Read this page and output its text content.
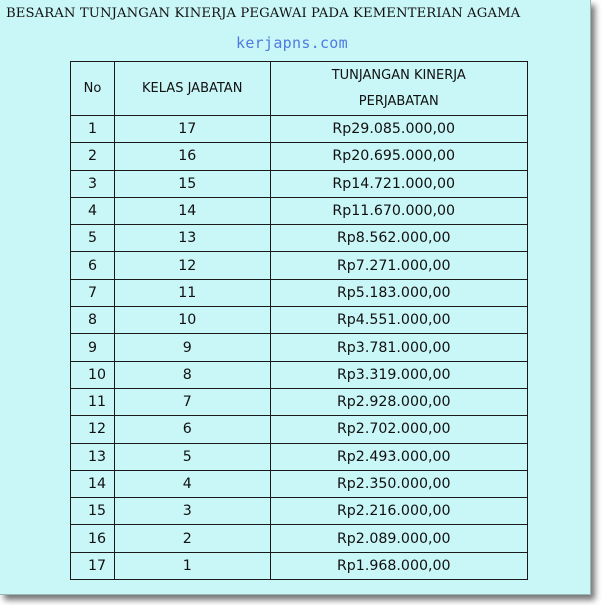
BESARAN TUNJANGAN KINERJA PEGAWAI PADA KEMENTERIAN AGAMA
kerjapns.com
No	KELAS JABATAN	TUNJANGAN KINERJA
PERJABATAN
1	17	Rp29.085.000,00
2	16	Rp20.695.000,00
3	15	Rp14.721.000,00
4	14	Rp11.670.000,00
5	13	Rp8.562.000,00
6	12	Rp7.271.000,00
7	11	Rp5.183.000,00
8	10	Rp4.551.000,00
9	9	Rp3.781.000,00
10	8	Rp3.319.000,00
11	7	Rp2.928.000,00
12	6	Rp2.702.000,00
13	5	Rp2.493.000,00
14	4	Rp2.350.000,00
15	3	Rp2.216.000,00
16	2	Rp2.089.000,00
17	1	Rp1.968.000,00
